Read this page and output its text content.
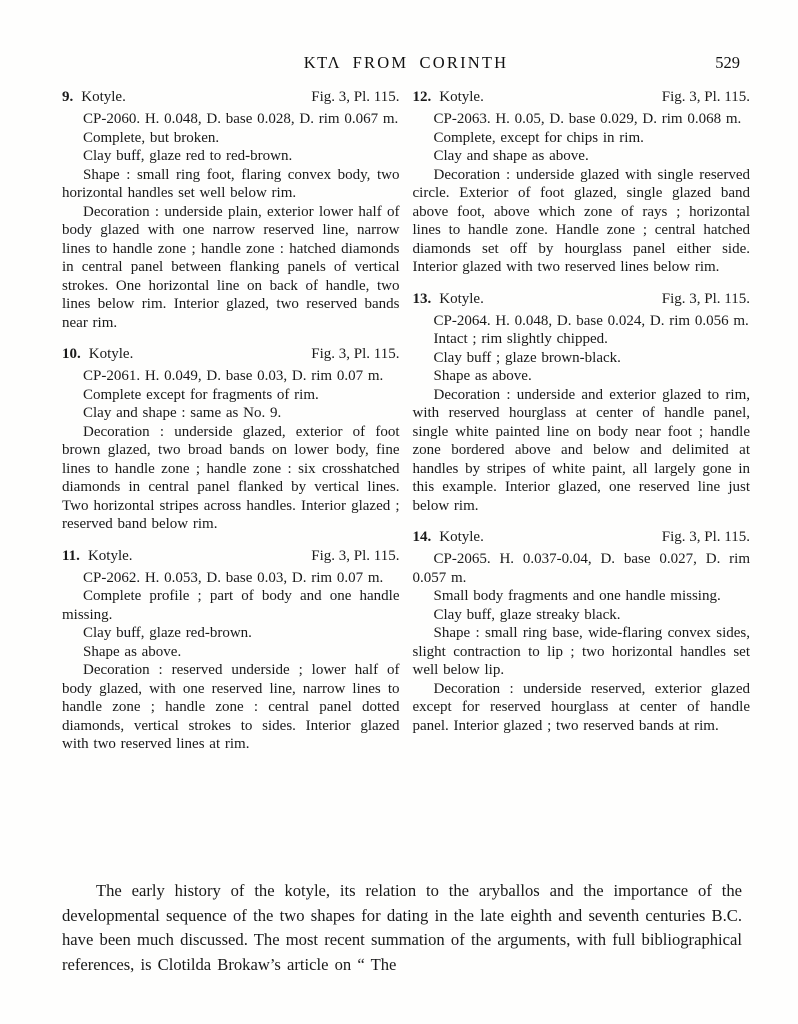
ΚΤΛ FROM CORINTH	529
9. Kotyle.	Fig. 3, Pl. 115.

CP-2060. H. 0.048, D. base 0.028, D. rim 0.067 m.

Complete, but broken.

Clay buff, glaze red to red-brown.

Shape : small ring foot, flaring convex body, two horizontal handles set well below rim.

Decoration : underside plain, exterior lower half of body glazed with one narrow reserved line, narrow lines to handle zone ; handle zone : hatched diamonds in central panel between flanking panels of vertical strokes. One horizontal line on back of handle, two lines below rim. Interior glazed, two reserved bands near rim.

10. Kotyle.	Fig. 3, Pl. 115.

CP-2061. H. 0.049, D. base 0.03, D. rim 0.07 m.

Complete except for fragments of rim.

Clay and shape : same as No. 9.

Decoration : underside glazed, exterior of foot brown glazed, two broad bands on lower body, fine lines to handle zone ; handle zone : six crosshatched diamonds in central panel flanked by vertical lines. Two horizontal stripes across handles. Interior glazed ; reserved band below rim.

11. Kotyle.	Fig. 3, Pl. 115.

CP-2062. H. 0.053, D. base 0.03, D. rim 0.07 m.

Complete profile ; part of body and one handle missing.

Clay buff, glaze red-brown.

Shape as above.

Decoration : reserved underside ; lower half of body glazed, with one reserved line, narrow lines to handle zone ; handle zone : central panel dotted diamonds, vertical strokes to sides. Interior glazed with two reserved lines at rim.

12. Kotyle.	Fig. 3, Pl. 115.

CP-2063. H. 0.05, D. base 0.029, D. rim 0.068 m.

Complete, except for chips in rim.

Clay and shape as above.

Decoration : underside glazed with single reserved circle. Exterior of foot glazed, single glazed band above foot, above which zone of rays ; horizontal lines to handle zone. Handle zone ; central hatched diamonds set off by hourglass panel either side. Interior glazed with two reserved lines below rim.

13. Kotyle.	Fig. 3, Pl. 115.

CP-2064. H. 0.048, D. base 0.024, D. rim 0.056 m.

Intact ; rim slightly chipped.

Clay buff ; glaze brown-black.

Shape as above.

Decoration : underside and exterior glazed to rim, with reserved hourglass at center of handle panel, single white painted line on body near foot ; handle zone bordered above and below and delimited at handles by stripes of white paint, all largely gone in this example. Interior glazed, one reserved line just below rim.

14. Kotyle.	Fig. 3, Pl. 115.

CP-2065. H. 0.037-0.04, D. base 0.027, D. rim 0.057 m.

Small body fragments and one handle missing.

Clay buff, glaze streaky black.

Shape : small ring base, wide-flaring convex sides, slight contraction to lip ; two horizontal handles set well below lip.

Decoration : underside reserved, exterior glazed except for reserved hourglass at center of handle panel. Interior glazed ; two reserved bands at rim.

The early history of the kotyle, its relation to the aryballos and the importance of the developmental sequence of the two shapes for dating in the late eighth and seventh centuries B.C. have been much discussed. The most recent summation of the arguments, with full bibliographical references, is Clotilda Brokaw’s article on “ The
